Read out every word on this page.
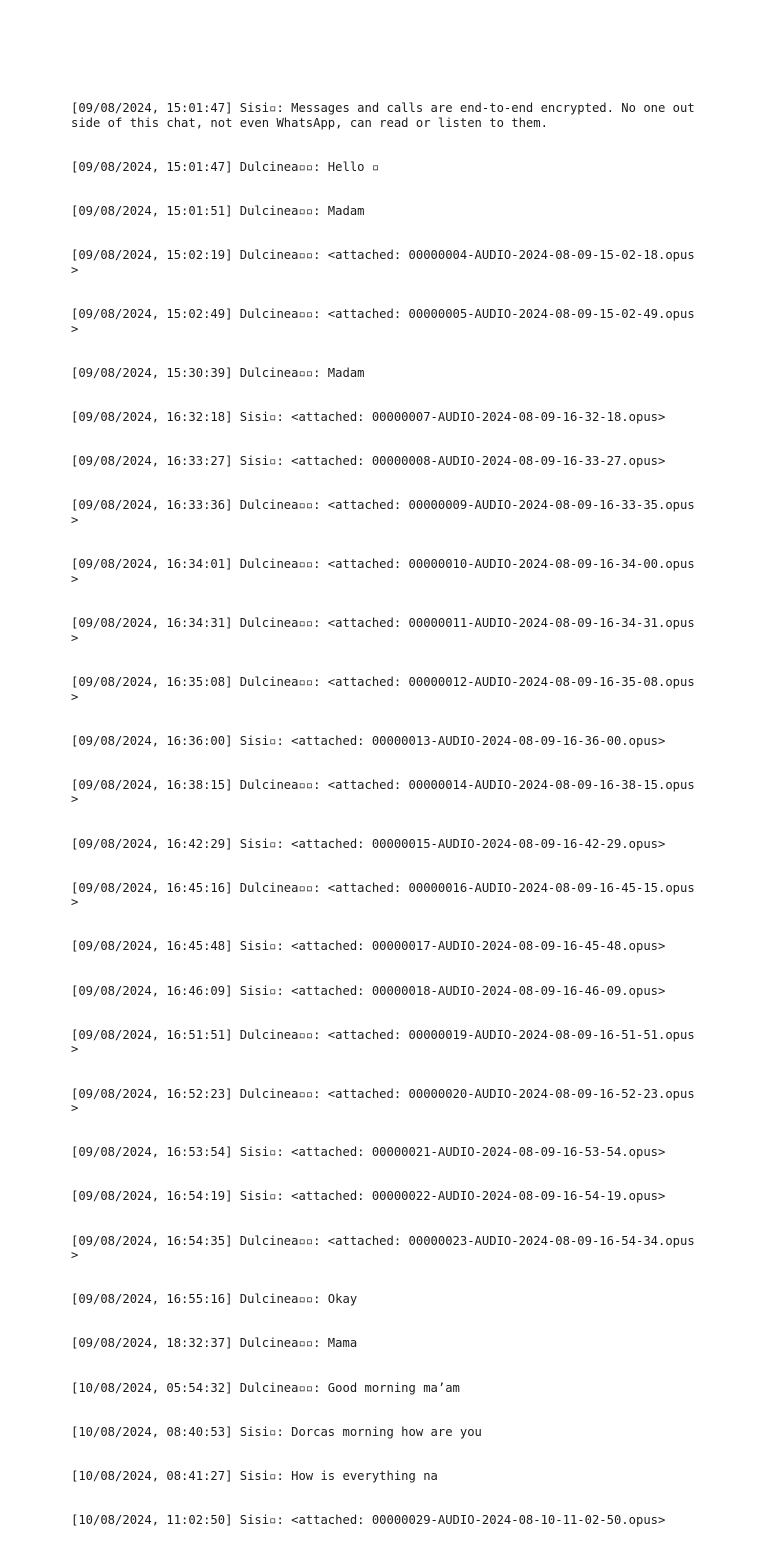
[09/08/2024, 15:01:47] Sisi▫: Messages and calls are end-to-end encrypted. No one outside of this chat, not even WhatsApp, can read or listen to them.

[09/08/2024, 15:01:47] Dulcinea▫▫: Hello ▫

[09/08/2024, 15:01:51] Dulcinea▫▫: Madam

[09/08/2024, 15:02:19] Dulcinea▫▫: <attached: 00000004-AUDIO-2024-08-09-15-02-18.opus>

[09/08/2024, 15:02:49] Dulcinea▫▫: <attached: 00000005-AUDIO-2024-08-09-15-02-49.opus>

[09/08/2024, 15:30:39] Dulcinea▫▫: Madam

[09/08/2024, 16:32:18] Sisi▫: <attached: 00000007-AUDIO-2024-08-09-16-32-18.opus>

[09/08/2024, 16:33:27] Sisi▫: <attached: 00000008-AUDIO-2024-08-09-16-33-27.opus>

[09/08/2024, 16:33:36] Dulcinea▫▫: <attached: 00000009-AUDIO-2024-08-09-16-33-35.opus>

[09/08/2024, 16:34:01] Dulcinea▫▫: <attached: 00000010-AUDIO-2024-08-09-16-34-00.opus>

[09/08/2024, 16:34:31] Dulcinea▫▫: <attached: 00000011-AUDIO-2024-08-09-16-34-31.opus>

[09/08/2024, 16:35:08] Dulcinea▫▫: <attached: 00000012-AUDIO-2024-08-09-16-35-08.opus>

[09/08/2024, 16:36:00] Sisi▫: <attached: 00000013-AUDIO-2024-08-09-16-36-00.opus>

[09/08/2024, 16:38:15] Dulcinea▫▫: <attached: 00000014-AUDIO-2024-08-09-16-38-15.opus>

[09/08/2024, 16:42:29] Sisi▫: <attached: 00000015-AUDIO-2024-08-09-16-42-29.opus>

[09/08/2024, 16:45:16] Dulcinea▫▫: <attached: 00000016-AUDIO-2024-08-09-16-45-15.opus>

[09/08/2024, 16:45:48] Sisi▫: <attached: 00000017-AUDIO-2024-08-09-16-45-48.opus>

[09/08/2024, 16:46:09] Sisi▫: <attached: 00000018-AUDIO-2024-08-09-16-46-09.opus>

[09/08/2024, 16:51:51] Dulcinea▫▫: <attached: 00000019-AUDIO-2024-08-09-16-51-51.opus>

[09/08/2024, 16:52:23] Dulcinea▫▫: <attached: 00000020-AUDIO-2024-08-09-16-52-23.opus>

[09/08/2024, 16:53:54] Sisi▫: <attached: 00000021-AUDIO-2024-08-09-16-53-54.opus>

[09/08/2024, 16:54:19] Sisi▫: <attached: 00000022-AUDIO-2024-08-09-16-54-19.opus>

[09/08/2024, 16:54:35] Dulcinea▫▫: <attached: 00000023-AUDIO-2024-08-09-16-54-34.opus>

[09/08/2024, 16:55:16] Dulcinea▫▫: Okay

[09/08/2024, 18:32:37] Dulcinea▫▫: Mama

[10/08/2024, 05:54:32] Dulcinea▫▫: Good morning ma’am

[10/08/2024, 08:40:53] Sisi▫: Dorcas morning how are you

[10/08/2024, 08:41:27] Sisi▫: How is everything na

[10/08/2024, 11:02:50] Sisi▫: <attached: 00000029-AUDIO-2024-08-10-11-02-50.opus>
